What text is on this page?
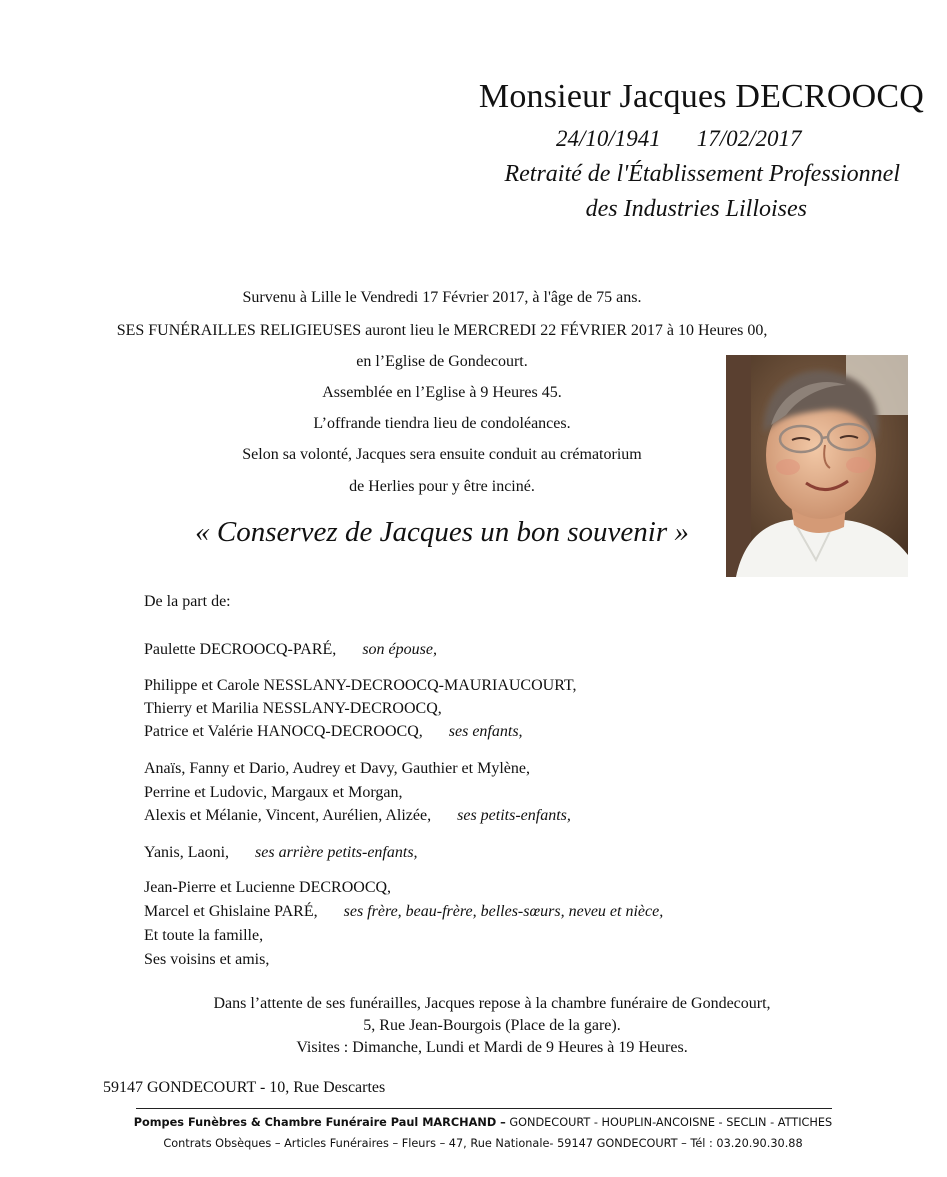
Monsieur Jacques DECROOCQ
24/10/1941 17/02/2017
Retraité de l'Établissement Professionnel
des Industries Lilloises
Survenu à Lille le Vendredi 17 Février 2017, à l'âge de 75 ans.
SES FUNÉRAILLES RELIGIEUSES auront lieu le MERCREDI 22 FÉVRIER 2017 à 10 Heures 00,
en l’Eglise de Gondecourt.
Assemblée en l’Eglise à 9 Heures 45.
L’offrande tiendra lieu de condoléances.
Selon sa volonté, Jacques sera ensuite conduit au crématorium
de Herlies pour y être inciné.
« Conservez de Jacques un bon souvenir »
De la part de:
Paulette DECROOCQ-PARÉ, son épouse,
Philippe et Carole NESSLANY-DECROOCQ-MAURIAUCOURT,
Thierry et Marilia NESSLANY-DECROOCQ,
Patrice et Valérie HANOCQ-DECROOCQ, ses enfants,
Anaïs, Fanny et Dario, Audrey et Davy, Gauthier et Mylène,
Perrine et Ludovic, Margaux et Morgan,
Alexis et Mélanie, Vincent, Aurélien, Alizée, ses petits-enfants,
Yanis, Laoni, ses arrière petits-enfants,
Jean-Pierre et Lucienne DECROOCQ,
Marcel et Ghislaine PARÉ, ses frère, beau-frère, belles-sœurs, neveu et nièce,
Et toute la famille,
Ses voisins et amis,
Dans l’attente de ses funérailles, Jacques repose à la chambre funéraire de Gondecourt,
5, Rue Jean-Bourgois (Place de la gare).
Visites : Dimanche, Lundi et Mardi de 9 Heures à 19 Heures.
59147 GONDECOURT - 10, Rue Descartes
Pompes Funèbres & Chambre Funéraire Paul MARCHAND – GONDECOURT - HOUPLIN-ANCOISNE - SECLIN - ATTICHES
Contrats Obsèques – Articles Funéraires – Fleurs – 47, Rue Nationale- 59147 GONDECOURT – Tél : 03.20.90.30.88
